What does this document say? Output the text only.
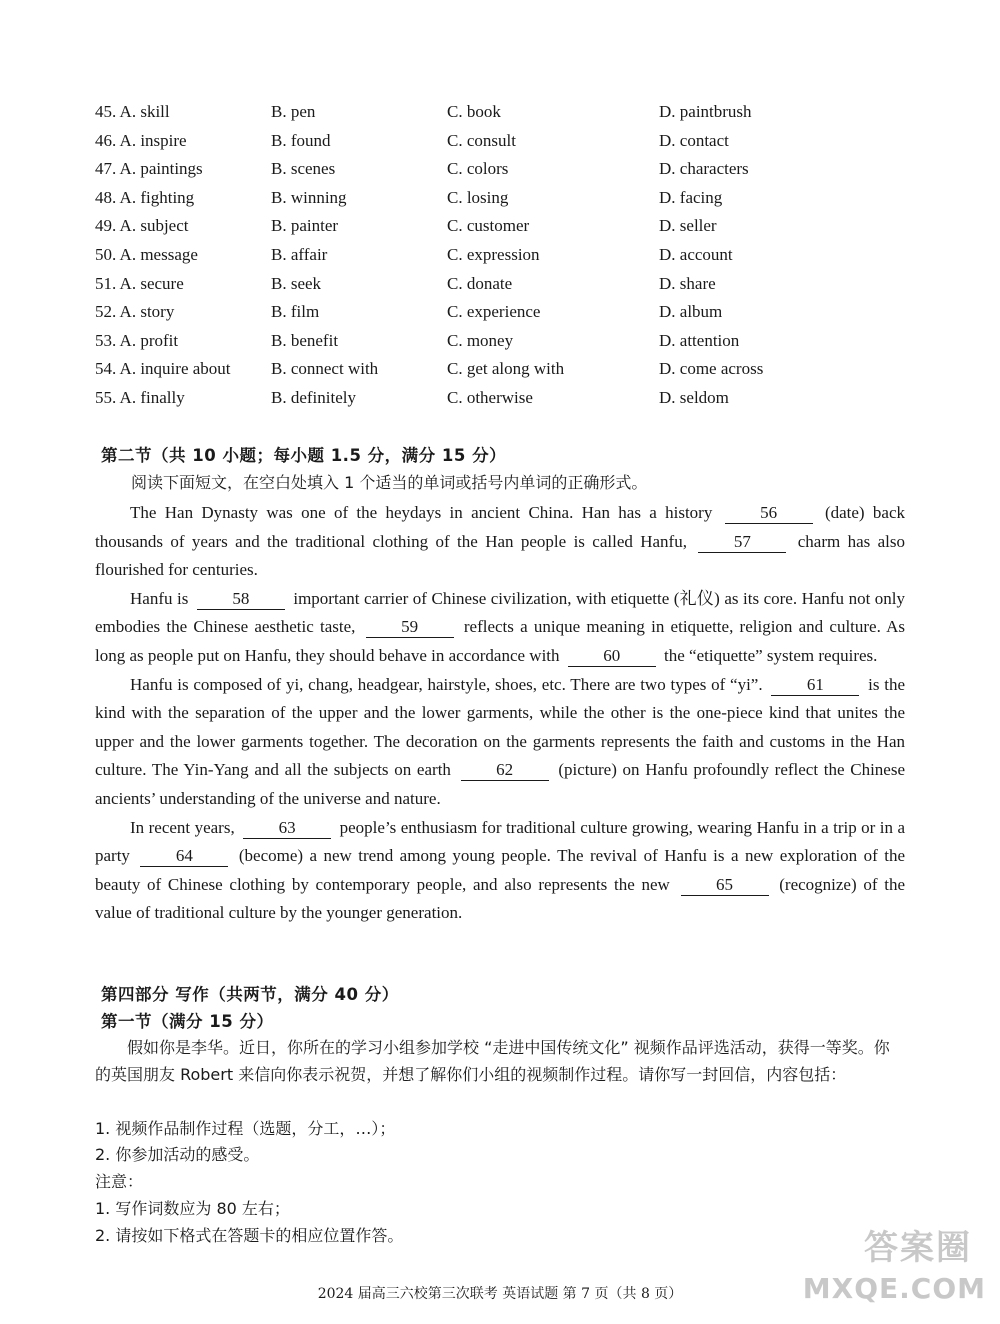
45. A. skill	B. pen	C. book	D. paintbrush
46. A. inspire	B. found	C. consult	D. contact
47. A. paintings	B. scenes	C. colors	D. characters
48. A. fighting	B. winning	C. losing	D. facing
49. A. subject	B. painter	C. customer	D. seller
50. A. message	B. affair	C. expression	D. account
51. A. secure	B. seek	C. donate	D. share
52. A. story	B. film	C. experience	D. album
53. A. profit	B. benefit	C. money	D. attention
54. A. inquire about B. connect with	C. get along with	D. come across
55. A. finally	B. definitely	C. otherwise	D. seldom
第二节（共 10 小题；每小题 1.5 分，满分 15 分）
阅读下面短文，在空白处填入 1 个适当的单词或括号内单词的正确形式。

The Han Dynasty was one of the heydays in ancient China. Han has a history	56	(date) back thousands of years and the traditional clothing of the Han people is called Hanfu,	57	charm has also flourished for centuries.

Hanfu is	58	important carrier of Chinese civilization, with etiquette (礼仪) as its core. Hanfu not only embodies the Chinese aesthetic taste,	59	reflects a unique meaning in etiquette, religion and culture. As long as people put on Hanfu, they should behave in accordance with	60	the “etiquette” system requires.

Hanfu is composed of yi, chang, headgear, hairstyle, shoes, etc. There are two types of “yi”.	61	is the kind with the separation of the upper and the lower garments, while the other is the one-piece kind that unites the upper and the lower garments together. The decoration on the garments represents the faith and customs in the Han culture. The Yin-Yang and all the subjects on earth	62	(picture) on Hanfu profoundly reflect the Chinese ancients’ understanding of the universe and nature.

In recent years,	63	people’s enthusiasm for traditional culture growing, wearing Hanfu in a trip or in a party	64	(become) a new trend among young people. The revival of Hanfu is a new exploration of the beauty of Chinese clothing by contemporary people, and also represents the new	65	(recognize) of the value of traditional culture by the younger generation.

第四部分 写作（共两节，满分 40 分）
第一节（满分 15 分）
假如你是李华。近日，你所在的学习小组参加学校 “走进中国传统文化” 视频作品评选活动，获得一等奖。你的英国朋友 Robert 来信向你表示祝贺，并想了解你们小组的视频制作过程。请你写一封回信，内容包括：
1. 视频作品制作过程（选题，分工，…）；
2. 你参加活动的感受。
注意：
1. 写作词数应为 80 左右；
2. 请按如下格式在答题卡的相应位置作答。
2024 届高三六校第三次联考 英语试题 第 7 页（共 8 页）
答案圈
MXQE.COM
